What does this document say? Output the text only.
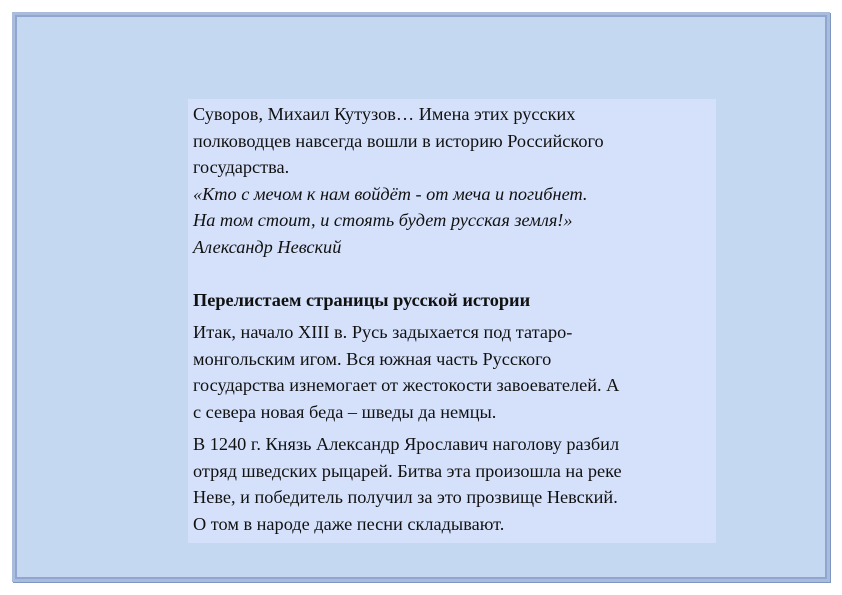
Суворов, Михаил Кутузов… Имена этих русских
полководцев навсегда вошли в историю Российского
государства.

«Кто с мечом к нам войдёт - от меча и погибнет.
На том стоит, и стоять будет русская земля!»

Александр Невский

Перелистаем страницы русской истории

Итак, начало XIII в. Русь задыхается под татаро-
монгольским игом. Вся южная часть Русского
государства изнемогает от жестокости завоевателей. А
с севера новая беда – шведы да немцы.

В 1240 г. Князь Александр Ярославич наголову разбил
отряд шведских рыцарей. Битва эта произошла на реке
Неве, и победитель получил за это прозвище Невский.
О том в народе даже песни складывают.
